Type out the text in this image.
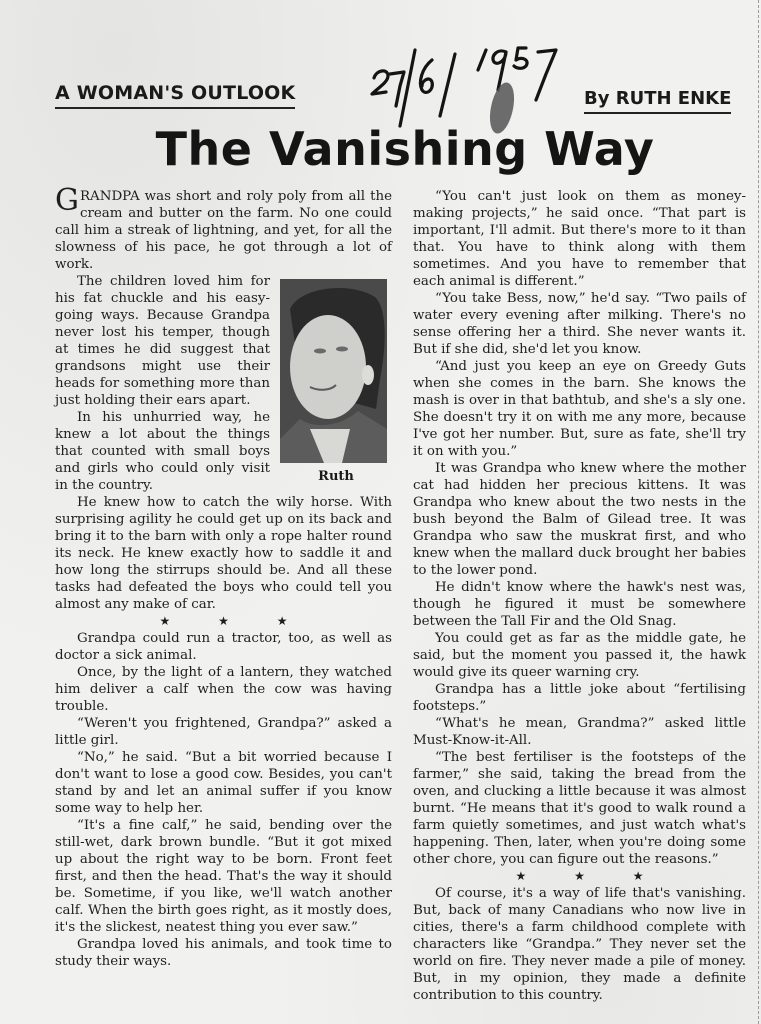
A WOMAN'S OUTLOOK	By RUTH ENKE
The Vanishing Way

GRANDPA was short and roly poly from all the cream and butter on the farm. No one could call him a streak of lightning, and yet, for all the slowness of his pace, he got through a lot of work.

The children loved him for his fat chuckle and his easy-going ways. Because Grandpa never lost his temper, though at times he did suggest that grandsons might use their heads for something more than just holding their ears apart.

In his unhurried way, he knew a lot about the things that counted with small boys and girls who could only visit in the country.

He knew how to catch the wily horse. With surprising agility he could get up on its back and bring it to the barn with only a rope halter round its neck. He knew exactly how to saddle it and how long the stirrups should be. And all these tasks had defeated the boys who could tell you almost any make of car.

★ ★ ★

Grandpa could run a tractor, too, as well as doctor a sick animal.

Once, by the light of a lantern, they watched him deliver a calf when the cow was having trouble.

“Weren't you frightened, Grandpa?” asked a little girl.

“No,” he said. “But a bit worried because I don't want to lose a good cow. Besides, you can't stand by and let an animal suffer if you know some way to help her.

“It's a fine calf,” he said, bending over the still-wet, dark brown bundle. “But it got mixed up about the right way to be born. Front feet first, and then the head. That's the way it should be. Sometime, if you like, we'll watch another calf. When the birth goes right, as it mostly does, it's the slickest, neatest thing you ever saw.”

Grandpa loved his animals, and took time to study their ways.

Ruth

“You can't just look on them as money-making projects,” he said once. “That part is important, I'll admit. But there's more to it than that. You have to think along with them sometimes. And you have to remember that each animal is different.”

“You take Bess, now,” he'd say. “Two pails of water every evening after milking. There's no sense offering her a third. She never wants it. But if she did, she'd let you know.

“And just you keep an eye on Greedy Guts when she comes in the barn. She knows the mash is over in that bathtub, and she's a sly one. She doesn't try it on with me any more, because I've got her number. But, sure as fate, she'll try it on with you.”

It was Grandpa who knew where the mother cat had hidden her precious kittens. It was Grandpa who knew about the two nests in the bush beyond the Balm of Gilead tree. It was Grandpa who saw the muskrat first, and who knew when the mallard duck brought her babies to the lower pond.

He didn't know where the hawk's nest was, though he figured it must be somewhere between the Tall Fir and the Old Snag.

You could get as far as the middle gate, he said, but the moment you passed it, the hawk would give its queer warning cry.

Grandpa has a little joke about “fertilising footsteps.”

“What's he mean, Grandma?” asked little Must-Know-it-All.

“The best fertiliser is the footsteps of the farmer,” she said, taking the bread from the oven, and clucking a little because it was almost burnt. “He means that it's good to walk round a farm quietly sometimes, and just watch what's happening. Then, later, when you're doing some other chore, you can figure out the reasons.”

★ ★ ★

Of course, it's a way of life that's vanishing. But, back of many Canadians who now live in cities, there's a farm childhood complete with characters like “Grandpa.” They never set the world on fire. They never made a pile of money. But, in my opinion, they made a definite contribution to this country.
